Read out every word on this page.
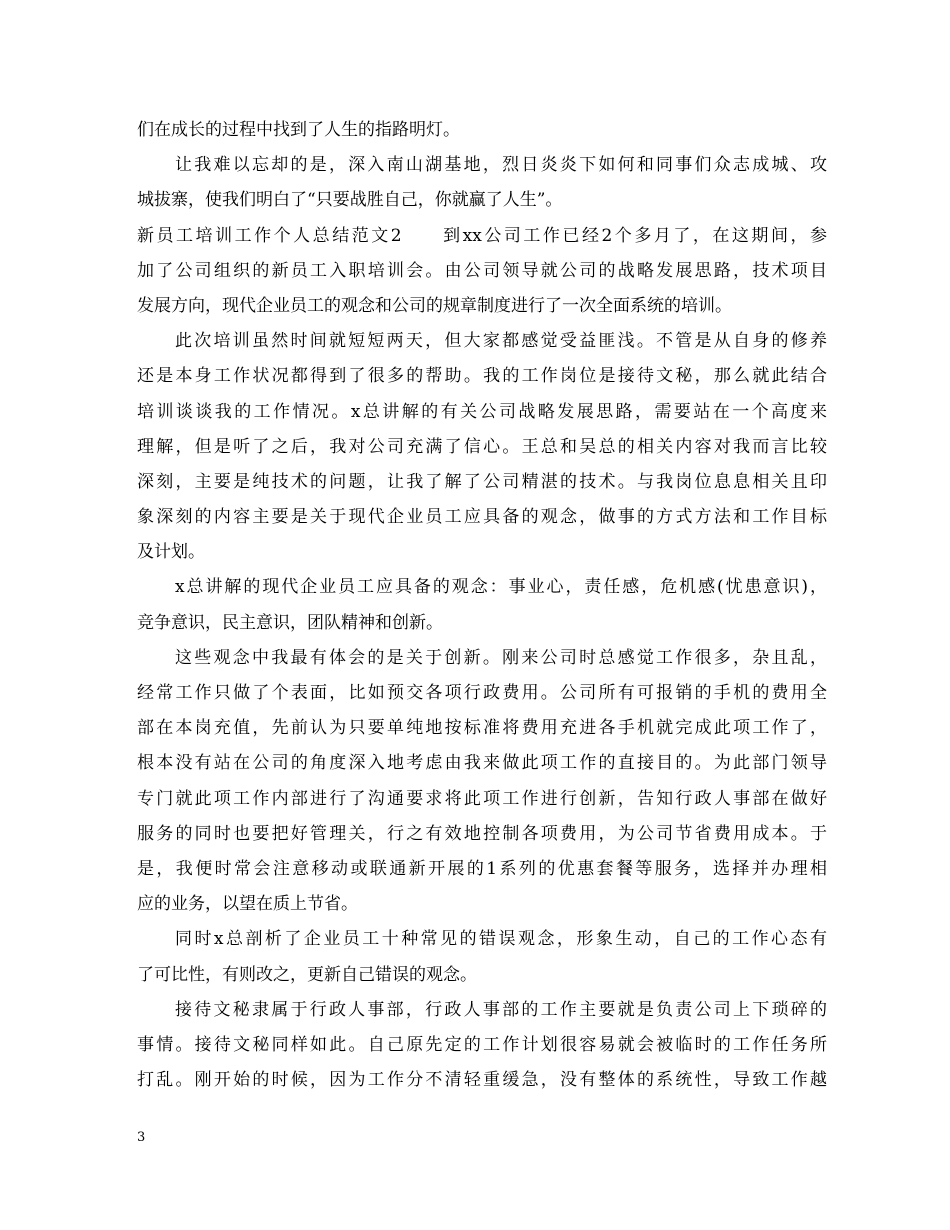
们在成长的过程中找到了人生的指路明灯。
让我难以忘却的是，深入南山湖基地，烈日炎炎下如何和同事们众志成城、攻
城拔寨，使我们明白了“只要战胜自己，你就赢了人生”。
新员工培训工作个人总结范文2　　到xx公司工作已经2个多月了，在这期间，参
加了公司组织的新员工入职培训会。由公司领导就公司的战略发展思路，技术项目
发展方向，现代企业员工的观念和公司的规章制度进行了一次全面系统的培训。
此次培训虽然时间就短短两天，但大家都感觉受益匪浅。不管是从自身的修养
还是本身工作状况都得到了很多的帮助。我的工作岗位是接待文秘，那么就此结合
培训谈谈我的工作情况。x总讲解的有关公司战略发展思路，需要站在一个高度来
理解，但是听了之后，我对公司充满了信心。王总和吴总的相关内容对我而言比较
深刻，主要是纯技术的问题，让我了解了公司精湛的技术。与我岗位息息相关且印
象深刻的内容主要是关于现代企业员工应具备的观念，做事的方式方法和工作目标
及计划。
x总讲解的现代企业员工应具备的观念：事业心，责任感，危机感(忧患意识)，
竞争意识，民主意识，团队精神和创新。
这些观念中我最有体会的是关于创新。刚来公司时总感觉工作很多，杂且乱，
经常工作只做了个表面，比如预交各项行政费用。公司所有可报销的手机的费用全
部在本岗充值，先前认为只要单纯地按标准将费用充进各手机就完成此项工作了，
根本没有站在公司的角度深入地考虑由我来做此项工作的直接目的。为此部门领导
专门就此项工作内部进行了沟通要求将此项工作进行创新，告知行政人事部在做好
服务的同时也要把好管理关，行之有效地控制各项费用，为公司节省费用成本。于
是，我便时常会注意移动或联通新开展的1系列的优惠套餐等服务，选择并办理相
应的业务，以望在质上节省。
同时x总剖析了企业员工十种常见的错误观念，形象生动，自己的工作心态有
了可比性，有则改之，更新自己错误的观念。
接待文秘隶属于行政人事部，行政人事部的工作主要就是负责公司上下琐碎的
事情。接待文秘同样如此。自己原先定的工作计划很容易就会被临时的工作任务所
打乱。刚开始的时候，因为工作分不清轻重缓急，没有整体的系统性，导致工作越
3
